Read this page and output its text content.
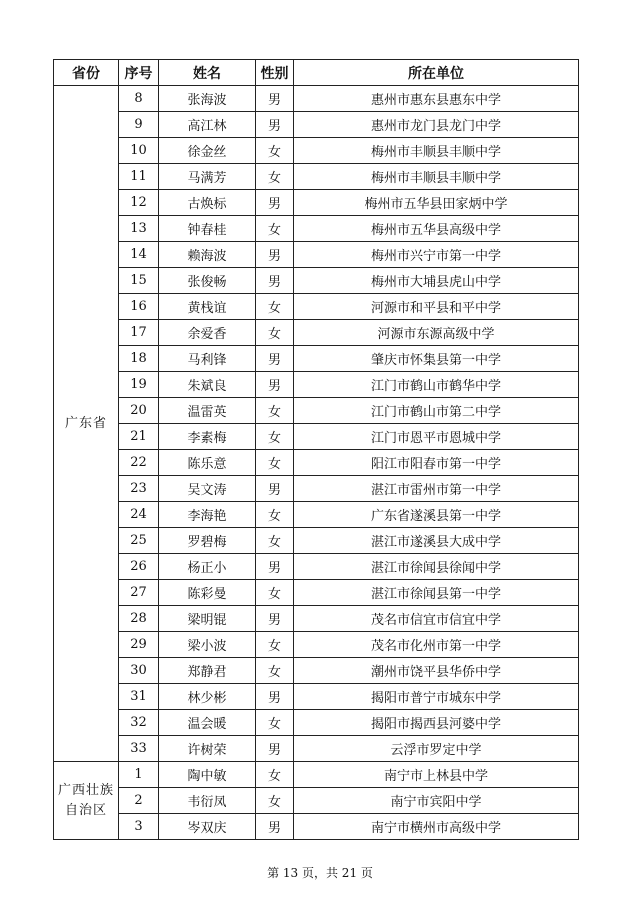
省份	序号	姓名	性别	所在单位
广东省	8	张海波	男	惠州市惠东县惠东中学
	9	高江林	男	惠州市龙门县龙门中学
	10	徐金丝	女	梅州市丰顺县丰顺中学
	11	马满芳	女	梅州市丰顺县丰顺中学
	12	古焕标	男	梅州市五华县田家炳中学
	13	钟春桂	女	梅州市五华县高级中学
	14	赖海波	男	梅州市兴宁市第一中学
	15	张俊畅	男	梅州市大埔县虎山中学
	16	黄栈谊	女	河源市和平县和平中学
	17	余爱香	女	河源市东源高级中学
	18	马利锋	男	肇庆市怀集县第一中学
	19	朱斌良	男	江门市鹤山市鹤华中学
	20	温雷英	女	江门市鹤山市第二中学
	21	李素梅	女	江门市恩平市恩城中学
	22	陈乐意	女	阳江市阳春市第一中学
	23	吴文涛	男	湛江市雷州市第一中学
	24	李海艳	女	广东省遂溪县第一中学
	25	罗碧梅	女	湛江市遂溪县大成中学
	26	杨正小	男	湛江市徐闻县徐闻中学
	27	陈彩曼	女	湛江市徐闻县第一中学
	28	梁明锟	男	茂名市信宜市信宜中学
	29	梁小波	女	茂名市化州市第一中学
	30	郑静君	女	潮州市饶平县华侨中学
	31	林少彬	男	揭阳市普宁市城东中学
	32	温会暖	女	揭阳市揭西县河婆中学
	33	许树荣	男	云浮市罗定中学
广西壮族自治区	1	陶中敏	女	南宁市上林县中学
	2	韦衍凤	女	南宁市宾阳中学
	3	岑双庆	男	南宁市横州市高级中学
第 13 页，共 21 页
